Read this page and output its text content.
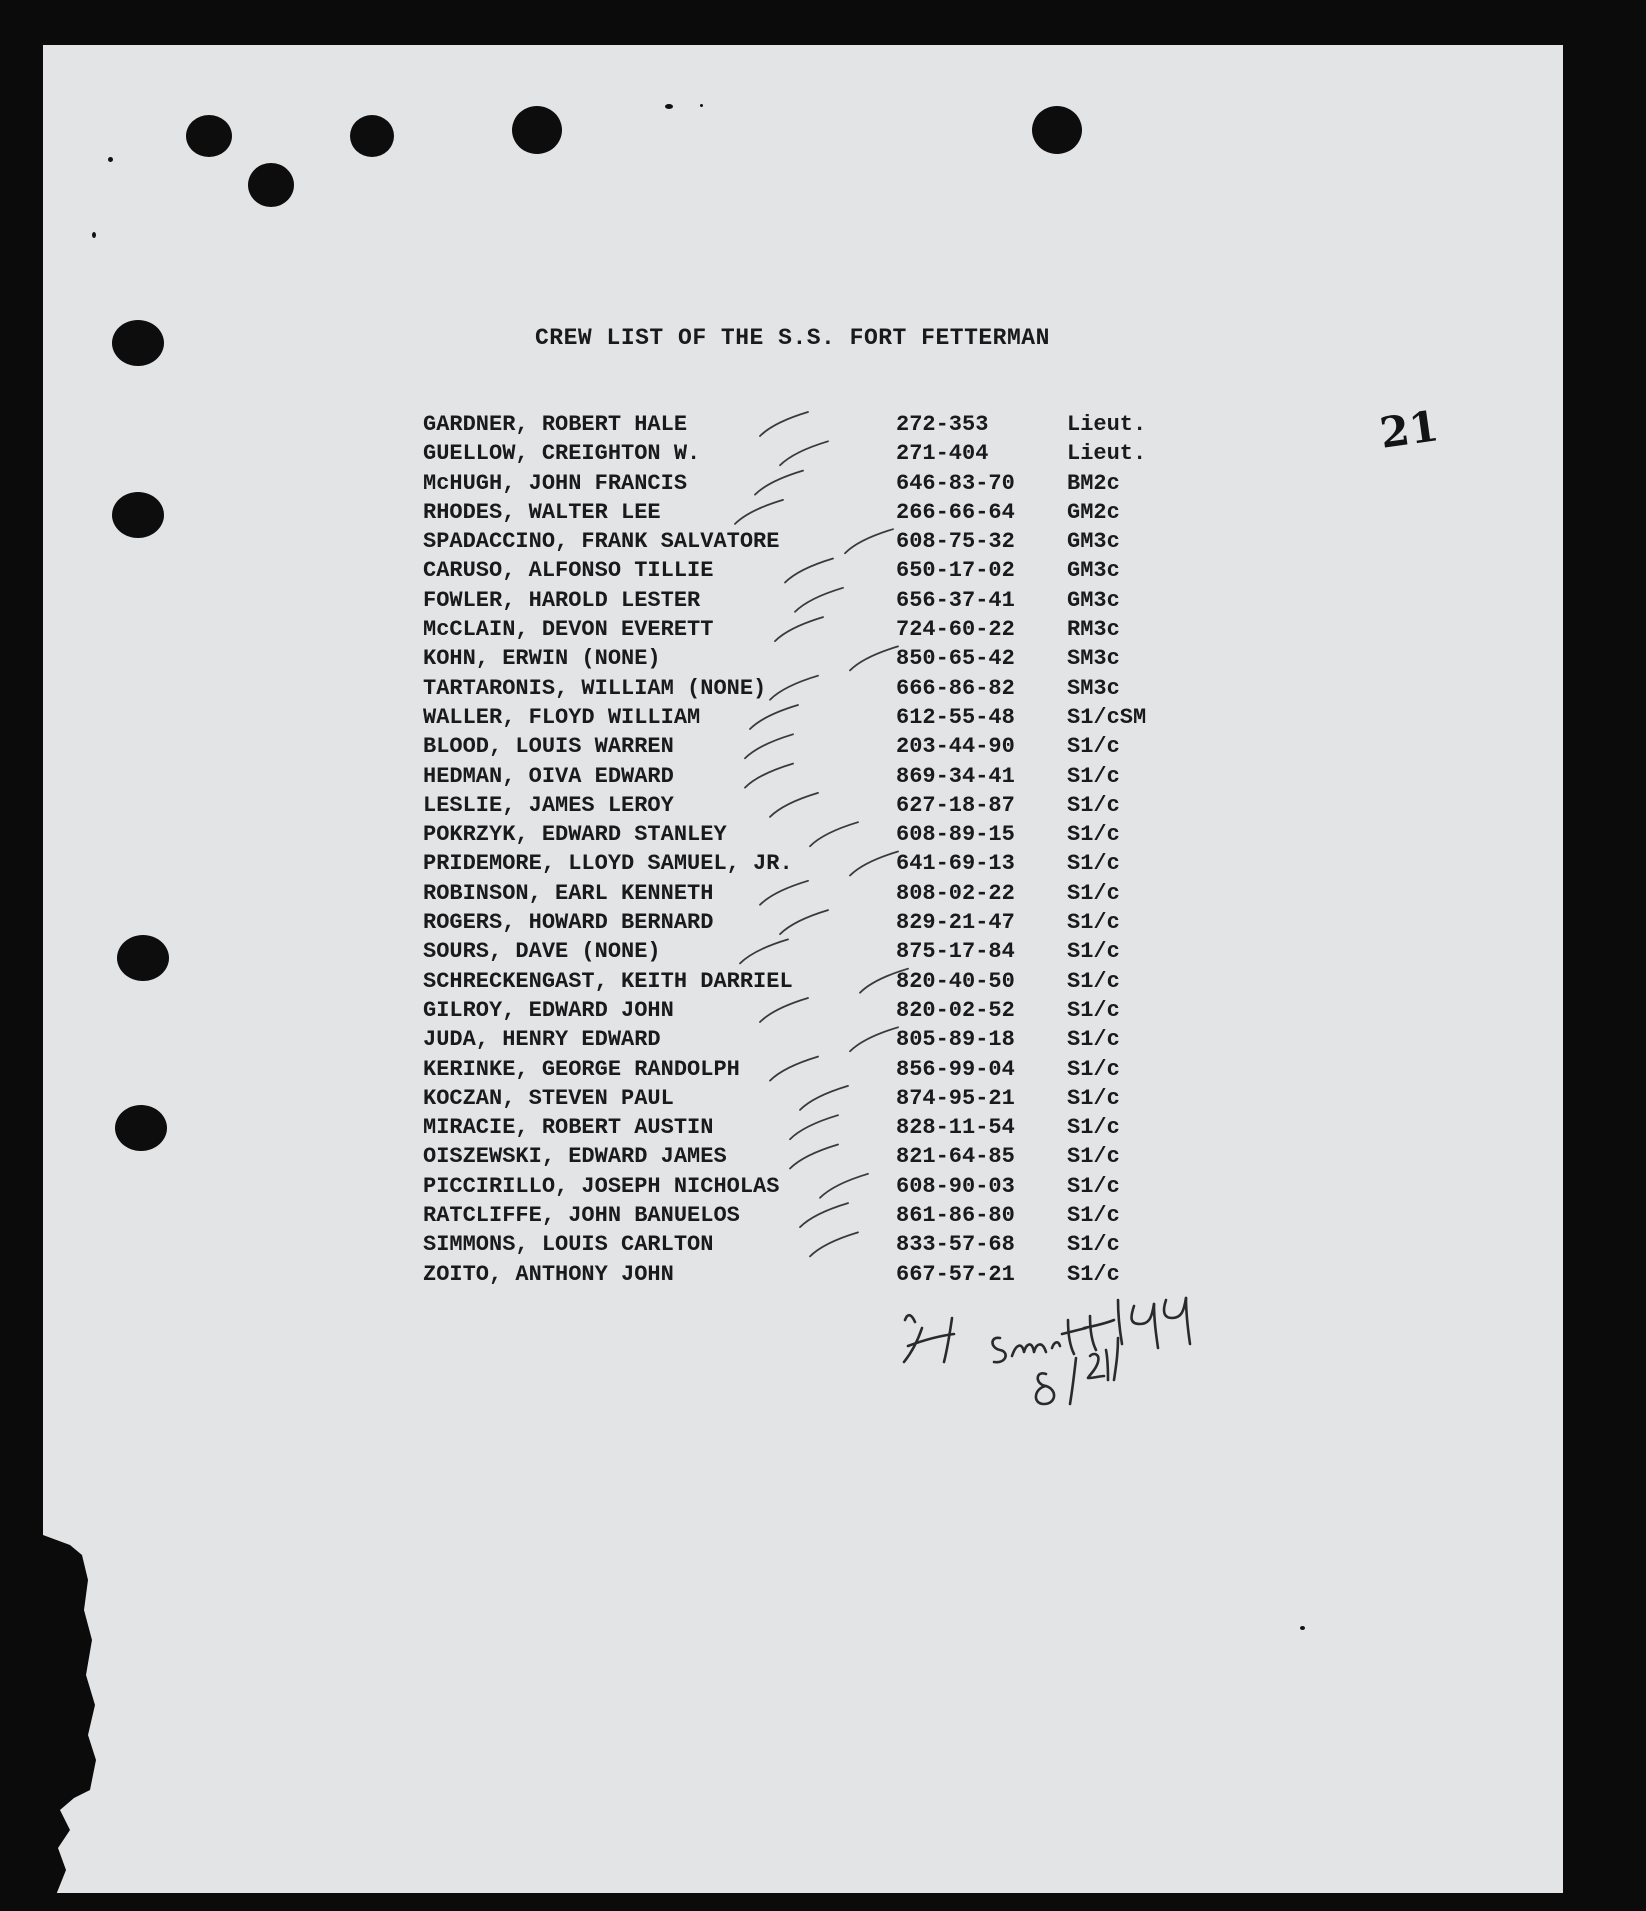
CREW LIST OF THE S.S. FORT FETTERMAN
21
GARDNER, ROBERT HALE	272-353	Lieut.
GUELLOW, CREIGHTON W.	271-404	Lieut.
McHUGH, JOHN FRANCIS	646-83-70 BM2c
RHODES, WALTER LEE	266-66-64 GM2c
SPADACCINO, FRANK SALVATORE	608-75-32 GM3c
CARUSO, ALFONSO TILLIE	650-17-02 GM3c
FOWLER, HAROLD LESTER	656-37-41 GM3c
McCLAIN, DEVON EVERETT	724-60-22 RM3c
KOHN, ERWIN (NONE)	850-65-42 SM3c
TARTARONIS, WILLIAM (NONE)	666-86-82 SM3c
WALLER, FLOYD WILLIAM	612-55-48 S1/cSM
BLOOD, LOUIS WARREN	203-44-90 S1/c
HEDMAN, OIVA EDWARD	869-34-41 S1/c
LESLIE, JAMES LEROY	627-18-87 S1/c
POKRZYK, EDWARD STANLEY	608-89-15 S1/c
PRIDEMORE, LLOYD SAMUEL, JR.	641-69-13 S1/c
ROBINSON, EARL KENNETH	808-02-22 S1/c
ROGERS, HOWARD BERNARD	829-21-47 S1/c
SOURS, DAVE (NONE)	875-17-84 S1/c
SCHRECKENGAST, KEITH DARRIEL	820-40-50 S1/c
GILROY, EDWARD JOHN	820-02-52 S1/c
JUDA, HENRY EDWARD	805-89-18 S1/c
KERINKE, GEORGE RANDOLPH	856-99-04 S1/c
KOCZAN, STEVEN PAUL	874-95-21 S1/c
MIRACIE, ROBERT AUSTIN	828-11-54 S1/c
OISZEWSKI, EDWARD JAMES	821-64-85 S1/c
PICCIRILLO, JOSEPH NICHOLAS	608-90-03 S1/c
RATCLIFFE, JOHN BANUELOS	861-86-80 S1/c
SIMMONS, LOUIS CARLTON	833-57-68 S1/c
ZOITO, ANTHONY JOHN	667-57-21 S1/c
